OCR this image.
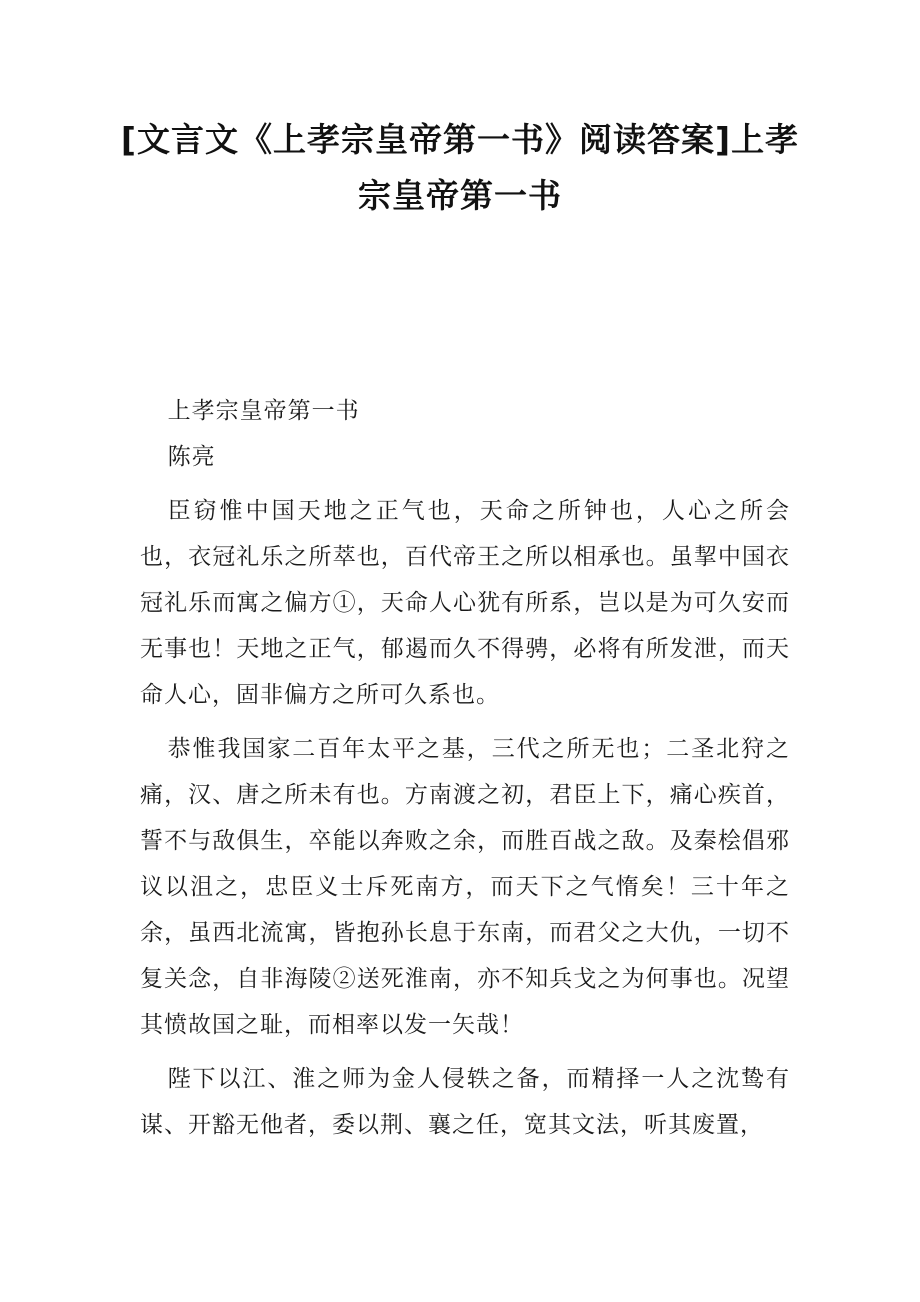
[文言文《上孝宗皇帝第一书》阅读答案]上孝宗皇帝第一书

上孝宗皇帝第一书

陈亮

臣窃惟中国天地之正气也，天命之所钟也，人心之所会也，衣冠礼乐之所萃也，百代帝王之所以相承也。虽挈中国衣冠礼乐而寓之偏方①，天命人心犹有所系，岂以是为可久安而无事也！天地之正气，郁遏而久不得骋，必将有所发泄，而天命人心，固非偏方之所可久系也。

恭惟我国家二百年太平之基，三代之所无也；二圣北狩之痛，汉、唐之所未有也。方南渡之初，君臣上下，痛心疾首，誓不与敌俱生，卒能以奔败之余，而胜百战之敌。及秦桧倡邪议以沮之，忠臣义士斥死南方，而天下之气惰矣！三十年之余，虽西北流寓，皆抱孙长息于东南，而君父之大仇，一切不复关念，自非海陵②送死淮南，亦不知兵戈之为何事也。况望其愤故国之耻，而相率以发一矢哉！

陛下以江、淮之师为金人侵轶之备，而精择一人之沈鸷有谋、开豁无他者，委以荆、襄之任，宽其文法，听其废置，
